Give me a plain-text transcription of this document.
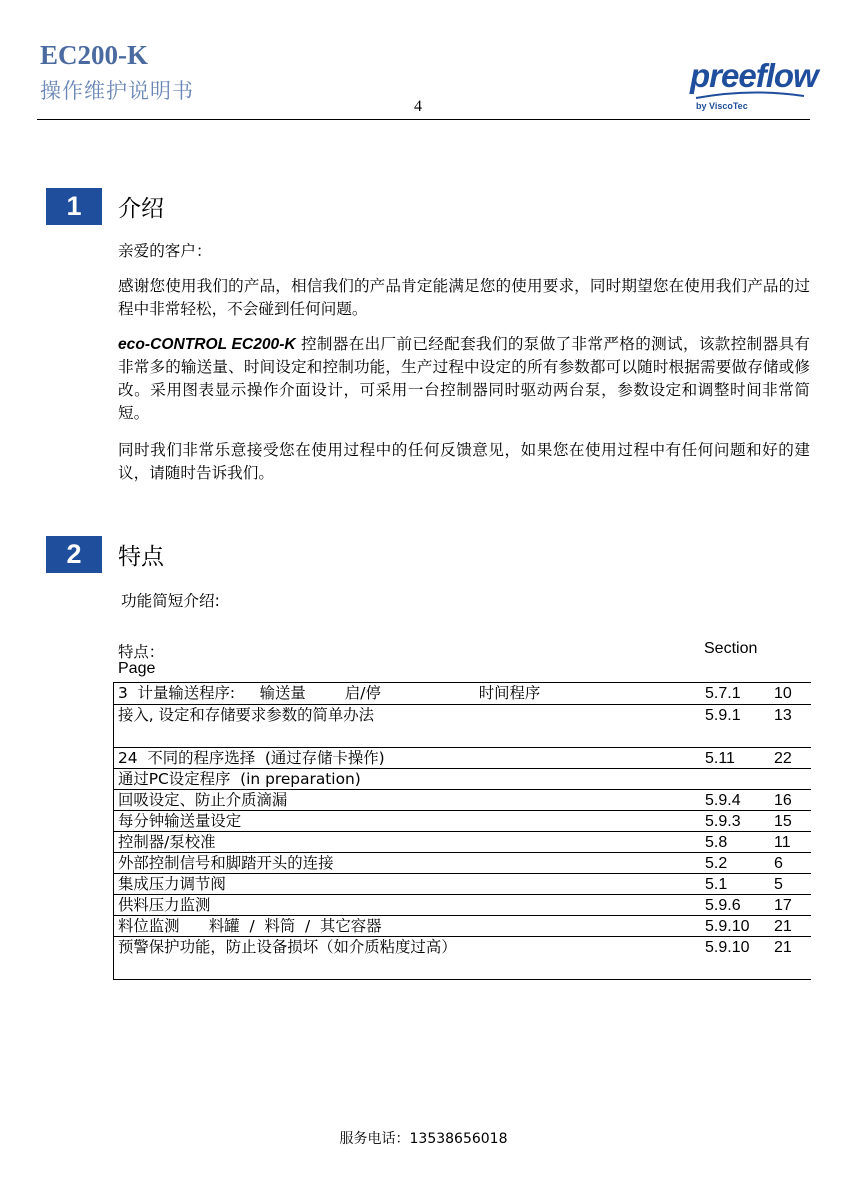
EC200-K
操作维护说明书
4
preeflow
by ViscoTec
1	介绍
亲爱的客户：
感谢您使用我们的产品，相信我们的产品肯定能满足您的使用要求，同时期望您在使用我们产品的过程中非常轻松，不会碰到任何问题。
eco-CONTROL EC200-K 控制器在出厂前已经配套我们的泵做了非常严格的测试，该款控制器具有非常多的输送量、时间设定和控制功能，生产过程中设定的所有参数都可以随时根据需要做存储或修改。采用图表显示操作介面设计，可采用一台控制器同时驱动两台泵，参数设定和调整时间非常简短。
同时我们非常乐意接受您在使用过程中的任何反馈意见，如果您在使用过程中有任何问题和好的建议，请随时告诉我们。
2	特点
功能简短介绍:
特点：	Section
Page
3  计量输送程序:     输送量        启/停                    时间程序	5.7.1 10
接入, 设定和存储要求参数的简单办法	5.9.1 13
24  不同的程序选择  (通过存储卡操作)	5.11 22
通过PC设定程序  (in preparation)
回吸设定、防止介质滴漏	5.9.4 16
每分钟输送量设定	5.9.3 15
控制器/泵校准	5.8	11
外部控制信号和脚踏开头的连接	5.2	6
集成压力调节阀	5.1	5
供料压力监测	5.9.6 17
料位监测      料罐  /  料筒  /  其它容器	5.9.10 21
预警保护功能，防止设备损坏（如介质粘度过高）	5.9.10 21
服务电话：13538656018
